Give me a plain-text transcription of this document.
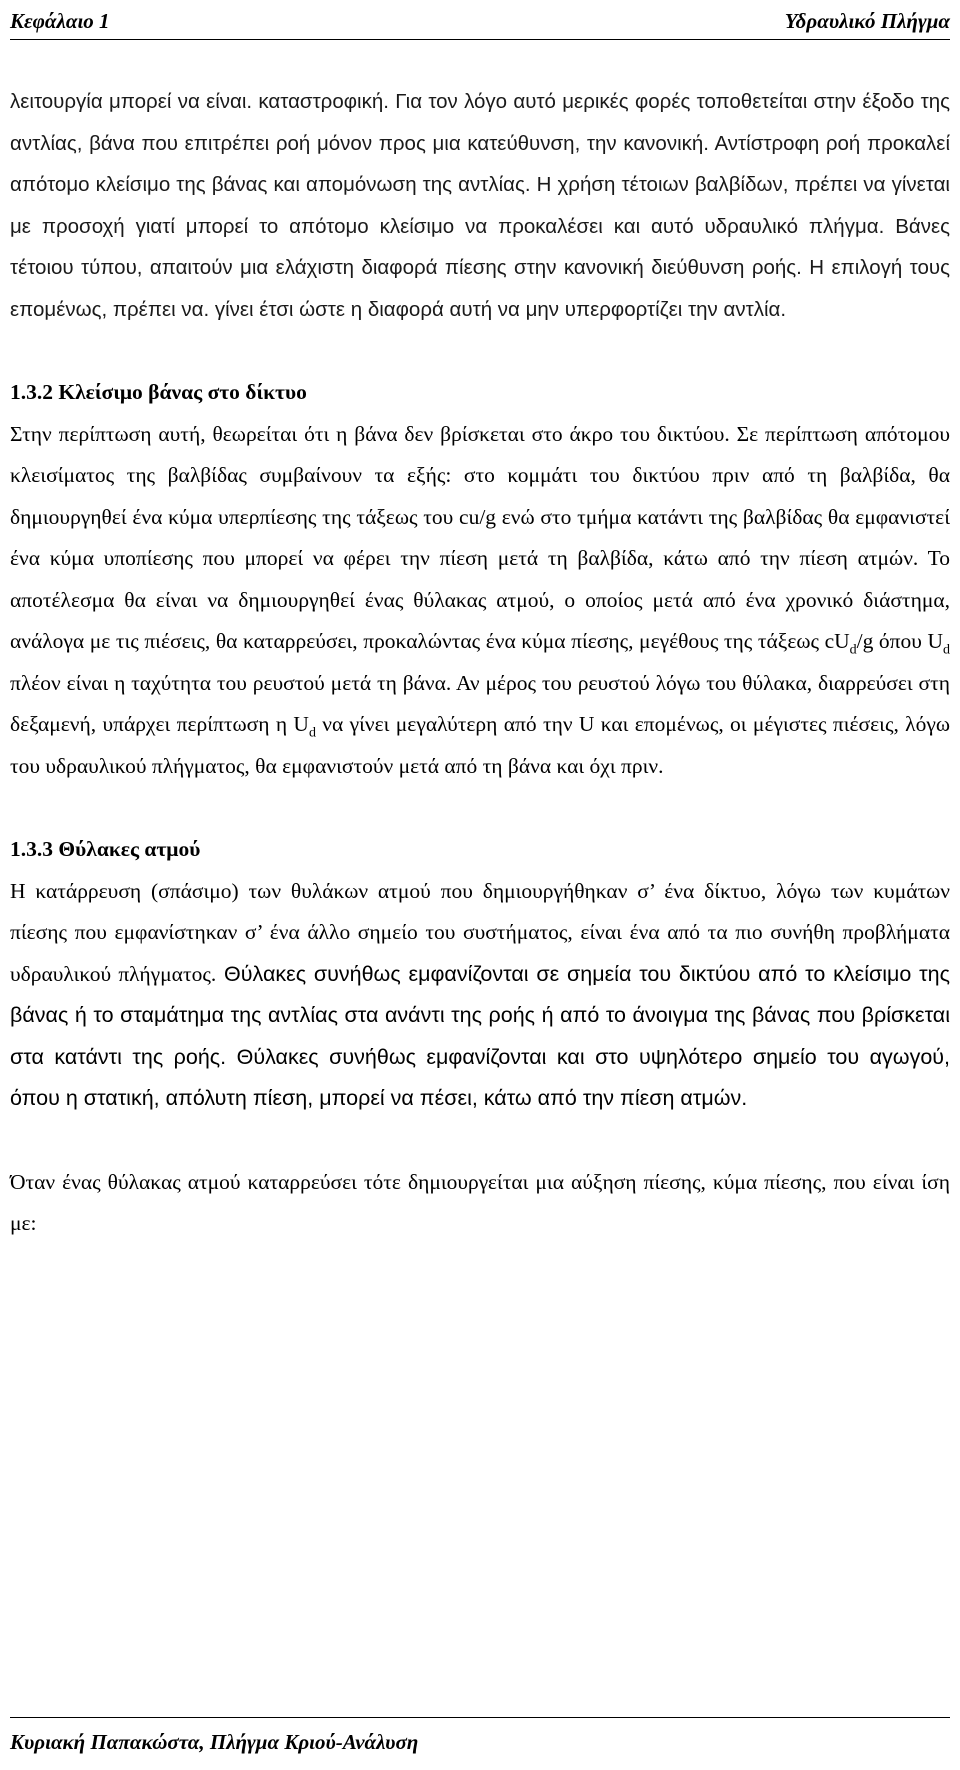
Κεφάλαιο 1	Υδραυλικό Πλήγμα

λειτουργία μπορεί να είναι. καταστροφική. Για τον λόγο αυτό μερικές φορές τοποθετείται στην έξοδο της αντλίας, βάνα που επιτρέπει ροή μόνον προς μια κατεύθυνση, την κανονική. Αντίστροφη ροή προκαλεί απότομο κλείσιμο της βάνας και απομόνωση της αντλίας. Η χρήση τέτοιων βαλβίδων, πρέπει να γίνεται με προσοχή γιατί μπορεί το απότομο κλείσιμο να προκαλέσει και αυτό υδραυλικό πλήγμα. Βάνες τέτοιου τύπου, απαιτούν μια ελάχιστη διαφορά πίεσης στην κανονική διεύθυνση ροής. Η επιλογή τους επομένως, πρέπει να. γίνει έτσι ώστε η διαφορά αυτή να μην υπερφορτίζει την αντλία.

1.3.2 Κλείσιμο βάνας στο δίκτυο

Στην περίπτωση αυτή, θεωρείται ότι η βάνα δεν βρίσκεται στο άκρο του δικτύου. Σε περίπτωση απότομου κλεισίματος της βαλβίδας συμβαίνουν τα εξής: στο κομμάτι του δικτύου πριν από τη βαλβίδα, θα δημιουργηθεί ένα κύμα υπερπίεσης της τάξεως του cu/g ενώ στο τμήμα κατάντι της βαλβίδας θα εμφανιστεί ένα κύμα υποπίεσης που μπορεί να φέρει την πίεση μετά τη βαλβίδα, κάτω από την πίεση ατμών. Το αποτέλεσμα θα είναι να δημιουργηθεί ένας θύλακας ατμού, ο οποίος μετά από ένα χρονικό διάστημα, ανάλογα με τις πιέσεις, θα καταρρεύσει, προκαλώντας ένα κύμα πίεσης, μεγέθους της τάξεως $cU_d/g$ όπου $U_d$ πλέον είναι η ταχύτητα του ρευστού μετά τη βάνα. Αν μέρος του ρευστού λόγω του θύλακα, διαρρεύσει στη δεξαμενή, υπάρχει περίπτωση η $U_d$ να γίνει μεγαλύτερη από την U και επομένως, οι μέγιστες πιέσεις, λόγω του υδραυλικού πλήγματος, θα εμφανιστούν μετά από τη βάνα και όχι πριν.

1.3.3 Θύλακες ατμού

Η κατάρρευση (σπάσιμο) των θυλάκων ατμού που δημιουργήθηκαν σ’ ένα δίκτυο, λόγω των κυμάτων πίεσης που εμφανίστηκαν σ’ ένα άλλο σημείο του συστήματος, είναι ένα από τα πιο συνήθη προβλήματα υδραυλικού πλήγματος. Θύλακες συνήθως εμφανίζονται σε σημεία του δικτύου από το κλείσιμο της βάνας ή το σταμάτημα της αντλίας στα ανάντι της ροής ή από το άνοιγμα της βάνας που βρίσκεται στα κατάντι της ροής. Θύλακες συνήθως εμφανίζονται και στο υψηλότερο σημείο του αγωγού, όπου η στατική, απόλυτη πίεση, μπορεί να πέσει, κάτω από την πίεση ατμών.

Όταν ένας θύλακας ατμού καταρρεύσει τότε δημιουργείται μια αύξηση πίεσης, κύμα πίεσης, που είναι ίση με:

Κυριακή Παπακώστα, Πλήγμα Κριού-Ανάλυση
